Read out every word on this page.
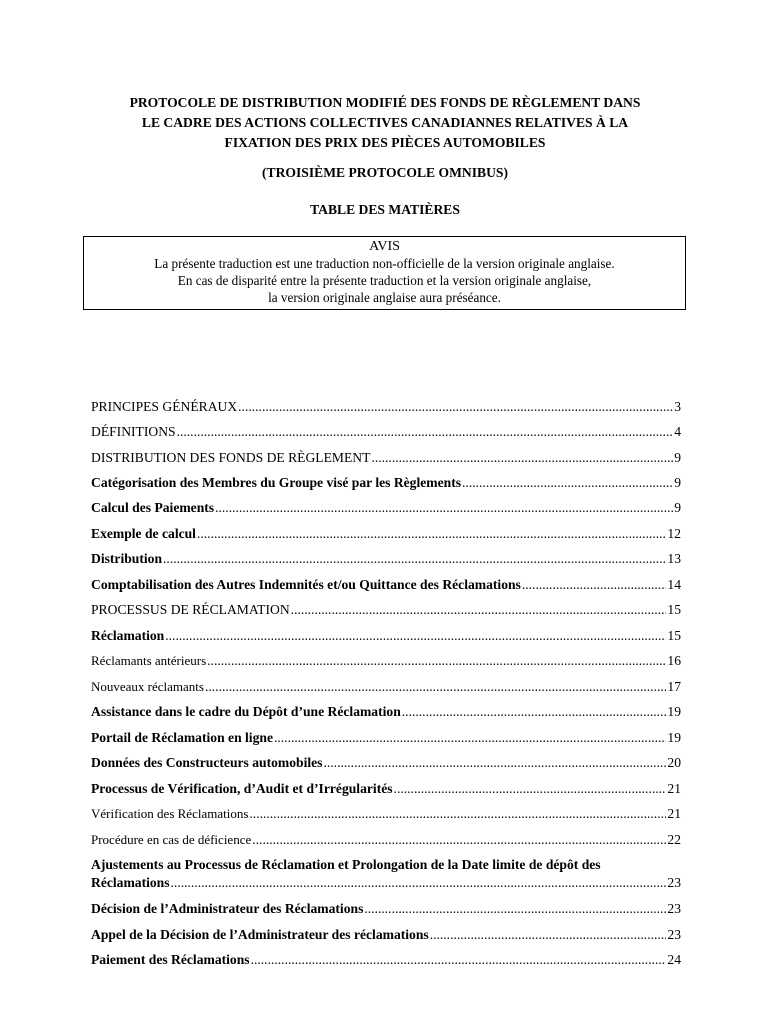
PROTOCOLE DE DISTRIBUTION MODIFIÉ DES FONDS DE RÈGLEMENT DANS
LE CADRE DES ACTIONS COLLECTIVES CANADIANNES RELATIVES À LA
FIXATION DES PRIX DES PIÈCES AUTOMOBILES
(TROISIÈME PROTOCOLE OMNIBUS)
TABLE DES MATIÈRES
AVIS
La présente traduction est une traduction non-officielle de la version originale anglaise.
En cas de disparité entre la présente traduction et la version originale anglaise,
la version originale anglaise aura préséance.
PRINCIPES GÉNÉRAUX .....	3
DÉFINITIONS .....	4
DISTRIBUTION DES FONDS DE RÈGLEMENT .....	9
Catégorisation des Membres du Groupe visé par les Règlements .....	9
Calcul des Paiements .....	9
Exemple de calcul .....	12
Distribution .....	13
Comptabilisation des Autres Indemnités et/ou Quittance des Réclamations .....	14
PROCESSUS DE RÉCLAMATION .....	15
Réclamation .....	15
Réclamants antérieurs .....	16
Nouveaux réclamants .....	17
Assistance dans le cadre du Dépôt d’une Réclamation .....	19
Portail de Réclamation en ligne .....	19
Données des Constructeurs automobiles .....	20
Processus de Vérification, d’Audit et d’Irrégularités .....	21
Vérification des Réclamations .....	21
Procédure en cas de déficience .....	22
Ajustements au Processus de Réclamation et Prolongation de la Date limite de dépôt des
Réclamations .....	23
Décision de l’Administrateur des Réclamations .....	23
Appel de la Décision de l’Administrateur des réclamations .....	23
Paiement des Réclamations .....	24
